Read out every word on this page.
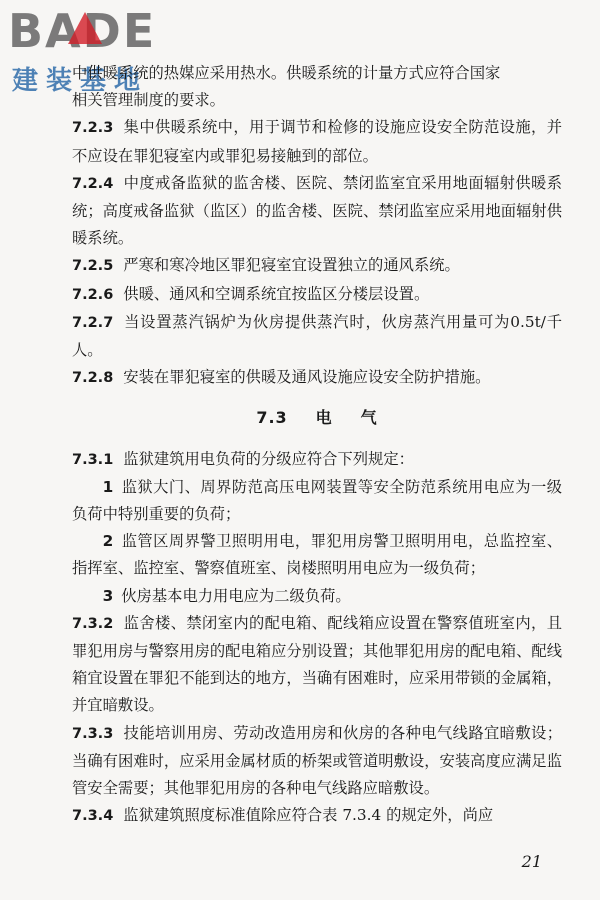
BADE
建装基地

中供暖系统的热媒应采用热水。供暖系统的计量方式应符合国家

相关管理制度的要求。

7.2.3 集中供暖系统中，用于调节和检修的设施应设安全防范设施，并不应设在罪犯寝室内或罪犯易接触到的部位。

7.2.4 中度戒备监狱的监舍楼、医院、禁闭监室宜采用地面辐射供暖系统；高度戒备监狱（监区）的监舍楼、医院、禁闭监室应采用地面辐射供暖系统。

7.2.5 严寒和寒冷地区罪犯寝室宜设置独立的通风系统。

7.2.6 供暖、通风和空调系统宜按监区分楼层设置。

7.2.7 当设置蒸汽锅炉为伙房提供蒸汽时，伙房蒸汽用量可为0.5t/千人。

7.2.8 安装在罪犯寝室的供暖及通风设施应设安全防护措施。

7.3 电 气

7.3.1 监狱建筑用电负荷的分级应符合下列规定：

1 监狱大门、周界防范高压电网装置等安全防范系统用电应为一级负荷中特别重要的负荷；

2 监管区周界警卫照明用电，罪犯用房警卫照明用电，总监控室、指挥室、监控室、警察值班室、岗楼照明用电应为一级负荷；

3 伙房基本电力用电应为二级负荷。

7.3.2 监舍楼、禁闭室内的配电箱、配线箱应设置在警察值班室内，且罪犯用房与警察用房的配电箱应分别设置；其他罪犯用房的配电箱、配线箱宜设置在罪犯不能到达的地方，当确有困难时，应采用带锁的金属箱，并宜暗敷设。

7.3.3 技能培训用房、劳动改造用房和伙房的各种电气线路宜暗敷设；当确有困难时，应采用金属材质的桥架或管道明敷设，安装高度应满足监管安全需要；其他罪犯用房的各种电气线路应暗敷设。

7.3.4 监狱建筑照度标准值除应符合表 7.3.4 的规定外，尚应

21
